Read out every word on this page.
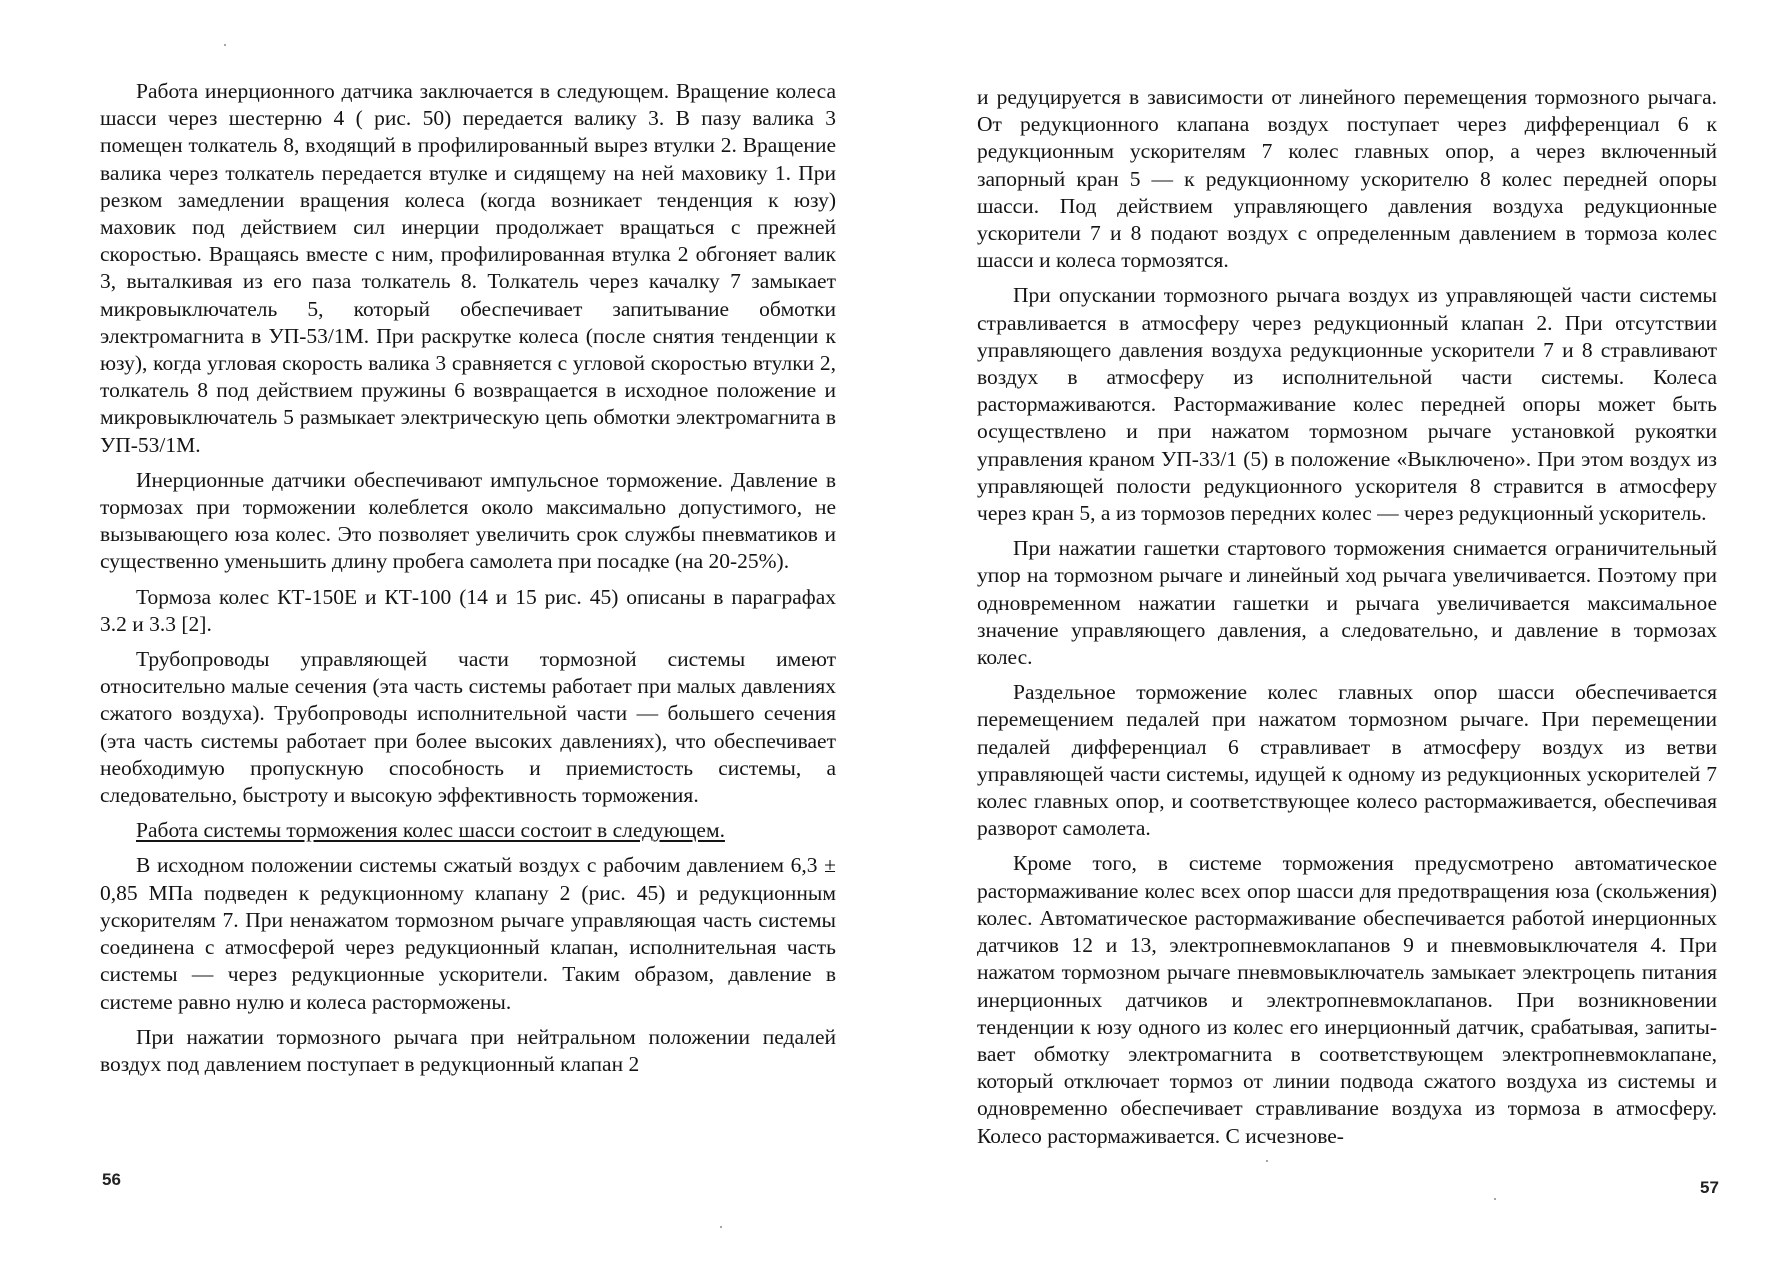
Работа инерционного датчика заключается в следующем. Вращение колеса шасси через шестерню 4 ( рис. 50) передается валику 3. В пазу валика 3 помещен толкатель 8, входящий в профилированный вырез втулки 2. Вращение валика через толкатель передается втулке и сидящему на ней маховику 1. При резком замедлении вращения колеса (когда возникает тенденция к юзу) маховик под действием сил инерции продолжает вращаться с прежней скоростью. Вращаясь вместе с ним, профилированная втулка 2 обгоняет валик 3, выталкивая из его паза толкатель 8. Толкатель через качалку 7 замыкает микровыключатель 5, который обеспечивает запитывание обмотки электромагнита в УП-53/1М. При раскрутке колеса (после снятия тенденции к юзу), когда угловая скорость валика 3 сравняется с угловой скоростью втулки 2, толкатель 8 под действием пружины 6 возвращается в исходное положение и микровыключатель 5 размыкает электрическую цепь обмотки электромагнита в УП-53/1М.

Инерционные датчики обеспечивают импульсное торможение. Давление в тормозах при торможении колеблется около максимально допустимого, не вызывающего юза колес. Это позволяет увеличить срок службы пневматиков и существенно уменьшить длину пробега самолета при посадке (на 20-25%).

Тормоза колес КТ-150Е и КТ-100 (14 и 15 рис. 45) описаны в параграфах 3.2 и 3.3 [2].

Трубопроводы управляющей части тормозной системы имеют относительно малые сечения (эта часть системы работает при малых давлениях сжатого воздуха). Трубопроводы исполнительной части — большего сечения (эта часть системы работает при более высоких давлениях), что обеспечивает необходимую пропускную способность и приемистость системы, а следовательно, быстроту и высокую эффективность торможения.

Работа системы торможения колес шасси состоит в следующем.

В исходном положении системы сжатый воздух с рабочим давлением 6,3 ± 0,85 МПа подведен к редукционному клапану 2 (рис. 45) и редукционным ускорителям 7. При ненажатом тормозном рычаге управляющая часть системы соединена с атмосферой через редукционный клапан, исполнительная часть системы — через редукционные ускорители. Таким образом, давление в системе равно нулю и колеса расторможены.

При нажатии тормозного рычага при нейтральном положении педалей воздух под давлением поступает в редукционный клапан 2

и редуцируется в зависимости от линейного перемещения тормозного рычага. От редукционного клапана воздух поступает через дифференциал 6 к редукционным ускорителям 7 колес главных опор, а через включенный запорный кран 5 — к редукционному ускорителю 8 колес передней опоры шасси. Под действием управляющего давления воздуха редукционные ускорители 7 и 8 подают воздух с определенным давлением в тормоза колес шасси и колеса тормозятся.

При опускании тормозного рычага воздух из управляющей части системы стравливается в атмосферу через редукционный клапан 2. При отсутствии управляющего давления воздуха редукционные ускорители 7 и 8 стравливают воздух в атмосферу из исполнительной части системы. Колеса растормаживаются. Растормаживание колес передней опоры может быть осуществлено и при нажатом тормозном рычаге установкой рукоятки управления краном УП-33/1 (5) в положение «Выключено». При этом воздух из управляющей полости редукционного ускорителя 8 стравится в атмосферу через кран 5, а из тормозов передних колес — через редукционный ускоритель.

При нажатии гашетки стартового торможения снимается ограничительный упор на тормозном рычаге и линейный ход рычага увеличивается. Поэтому при одновременном нажатии гашетки и рычага увеличивается максимальное значение управляющего давления, а следовательно, и давление в тормозах колес.

Раздельное торможение колес главных опор шасси обеспечивается перемещением педалей при нажатом тормозном рычаге. При перемещении педалей дифференциал 6 стравливает в атмосферу воздух из ветви управляющей части системы, идущей к одному из редукционных ускорителей 7 колес главных опор, и соответствующее колесо растормаживается, обеспечивая разворот самолета.

Кроме того, в системе торможения предусмотрено автоматическое растормаживание колес всех опор шасси для предотвращения юза (скольжения) колес. Автоматическое растормаживание обеспечивается работой инерционных датчиков 12 и 13, электропневмоклапанов 9 и пневмовыключателя 4. При нажатом тормозном рычаге пневмовыключатель замыкает электроцепь питания инерционных датчиков и электропневмоклапанов. При возникновении тенденции к юзу одного из колес его инерционный датчик, срабатывая, запитывает обмотку электромагнита в соответствующем электропневмоклапане, который отключает тормоз от линии подвода сжатого воздуха из системы и одновременно обеспечивает стравливание воздуха из тормоза в атмосферу. Колесо растормаживается. С исчезнове-

56	57
